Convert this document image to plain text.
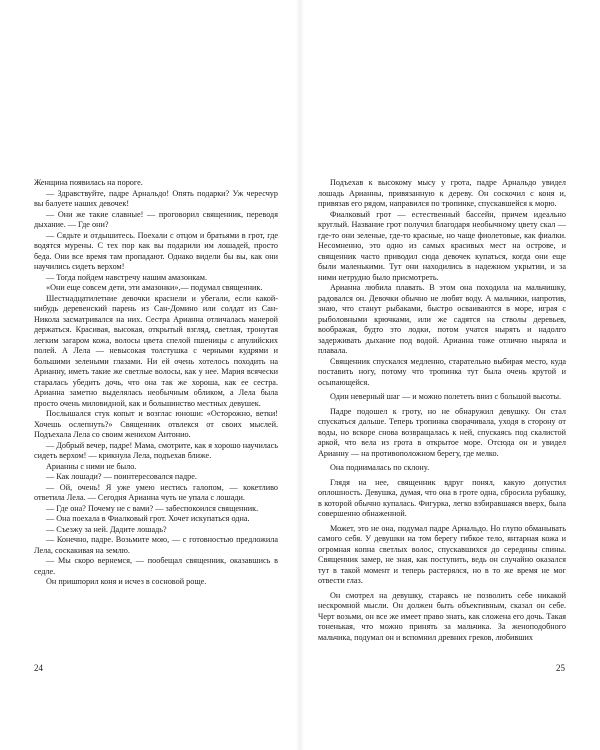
Женщина появилась на пороге.

— Здравствуйте, падре Арнальдо! Опять подарки? Уж чересчур вы балуете наших девочек!

— Они же такие славные! — проговорил священник, переводя дыхание. — Где они?

— Сядьте и отдышитесь. Поехали с отцом и братьями в грот, где водятся мурены. С тех пор как вы подарили им лошадей, просто беда. Они все время там пропадают. Однако видели бы вы, как они научились сидеть верхом!

— Тогда пойдем навстречу нашим амазонкам.

«Они еще совсем дети, эти амазонки»,— подумал священник.

Шестнадцатилетние девочки краснели и убегали, если какой-нибудь деревенский парень из Сан-Домино или солдат из Сан-Никола засматривался на них. Сестра Арианна отличалась манерой держаться. Красивая, высокая, открытый взгляд, светлая, тронутая легким загаром кожа, волосы цвета спелой пшеницы с апулийских полей. А Лела — невысокая толстушка с черными кудрями и большими зелеными глазами. Ни ей очень хотелось походить на Арианну, иметь такие же светлые волосы, как у нее. Мария всячески старалась убедить дочь, что она так же хороша, как ее сестра. Арианна заметно выделялась необычным обликом, а Лела была просто очень миловидной, как и большинство местных девушек.

Послышался стук копыт и возглас юноши: «Осторожно, ветки! Хочешь ослепнуть?» Священник отвлекся от своих мыслей. Подъехала Лела со своим женихом Антонио.

— Добрый вечер, падре! Мама, смотрите, как я хорошо научилась сидеть верхом! — крикнула Лела, подъехав ближе.

Арианны с ними не было.

— Как лошади? — поинтересовался падре.

— Ой, очень! Я уже умею нестись галопом, — кокетливо ответила Лела. — Сегодня Арианна чуть не упала с лошади.

— Где она? Почему не с вами? — забеспокоился священник.

— Она поехала в Фиалковый грот. Хочет искупаться одна.

— Съезжу за ней. Дадите лошадь?

— Конечно, падре. Возьмите мою, — с готовностью предложила Лела, соскакивая на землю.

— Мы скоро вернемся, — пообещал священник, оказавшись в седле.

Он пришпорил коня и исчез в сосновой роще.

Подъехав к высокому мысу у грота, падре Арнальдо увидел лошадь Арианны, привязанную к дереву. Он соскочил с коня и, привязав его рядом, направился по тропинке, спускавшейся к морю.

Фиалковый грот — естественный бассейн, причем идеально круглый. Название грот получил благодаря необычному цвету скал — где-то они зеленые, где-то красные, но чаще фиолетовые, как фиалки. Несомненно, это одно из самых красивых мест на острове, и священник часто приводил сюда девочек купаться, когда они еще были маленькими. Тут они находились в надежном укрытии, и за ними нетрудно было присмотреть.

Арианна любила плавать. В этом она походила на мальчишку, радовался он. Девочки обычно не любят воду. А мальчики, напротив, знаю, что станут рыбаками, быстро осваиваются в море, играя с рыболовными крючками, или же садятся на стволы деревьев, воображая, будто это лодки, потом учатся нырять и надолго задерживать дыхание под водой. Арианна тоже отлично ныряла и плавала.

Священник спускался медленно, старательно выбирая место, куда поставить ногу, потому что тропинка тут была очень крутой и осыпающейся.

Один неверный шаг — и можно полететь вниз с большой высоты.

Падре подошел к гроту, но не обнаружил девушку. Он стал спускаться дальше. Теперь тропинка сворачивала, уходя в сторону от воды, но вскоре снова возвращалась к ней, спускаясь под скалистой аркой, что вела из грота в открытое море. Отсюда он и увидел Арианну — на противоположном берегу, где мелко.

Она поднималась по склону.

Глядя на нее, священник вдруг понял, какую допустил оплошность. Девушка, думая, что она в гроте одна, сбросила рубашку, в которой обычно купалась. Фигурка, легко взбиравшаяся вверх, была совершенно обнаженной.

Может, это не она, подумал падре Арнальдо. Но глупо обманывать самого себя. У девушки на том берегу гибкое тело, янтарная кожа и огромная копна светлых волос, спускавшихся до середины спины. Священник замер, не зная, как поступить, ведь он случайно оказался тут в такой момент и теперь растерялся, но в то же время не мог отвести глаз.

Он смотрел на девушку, стараясь не позволить себе никакой нескромной мысли. Он должен быть объективным, сказал он себе. Черт возьми, он все же имеет право знать, как сложена его дочь. Такая тоненькая, что можно принять за мальчика. За женоподобного мальчика, подумал он и вспомнил древних греков, любивших

24	25
